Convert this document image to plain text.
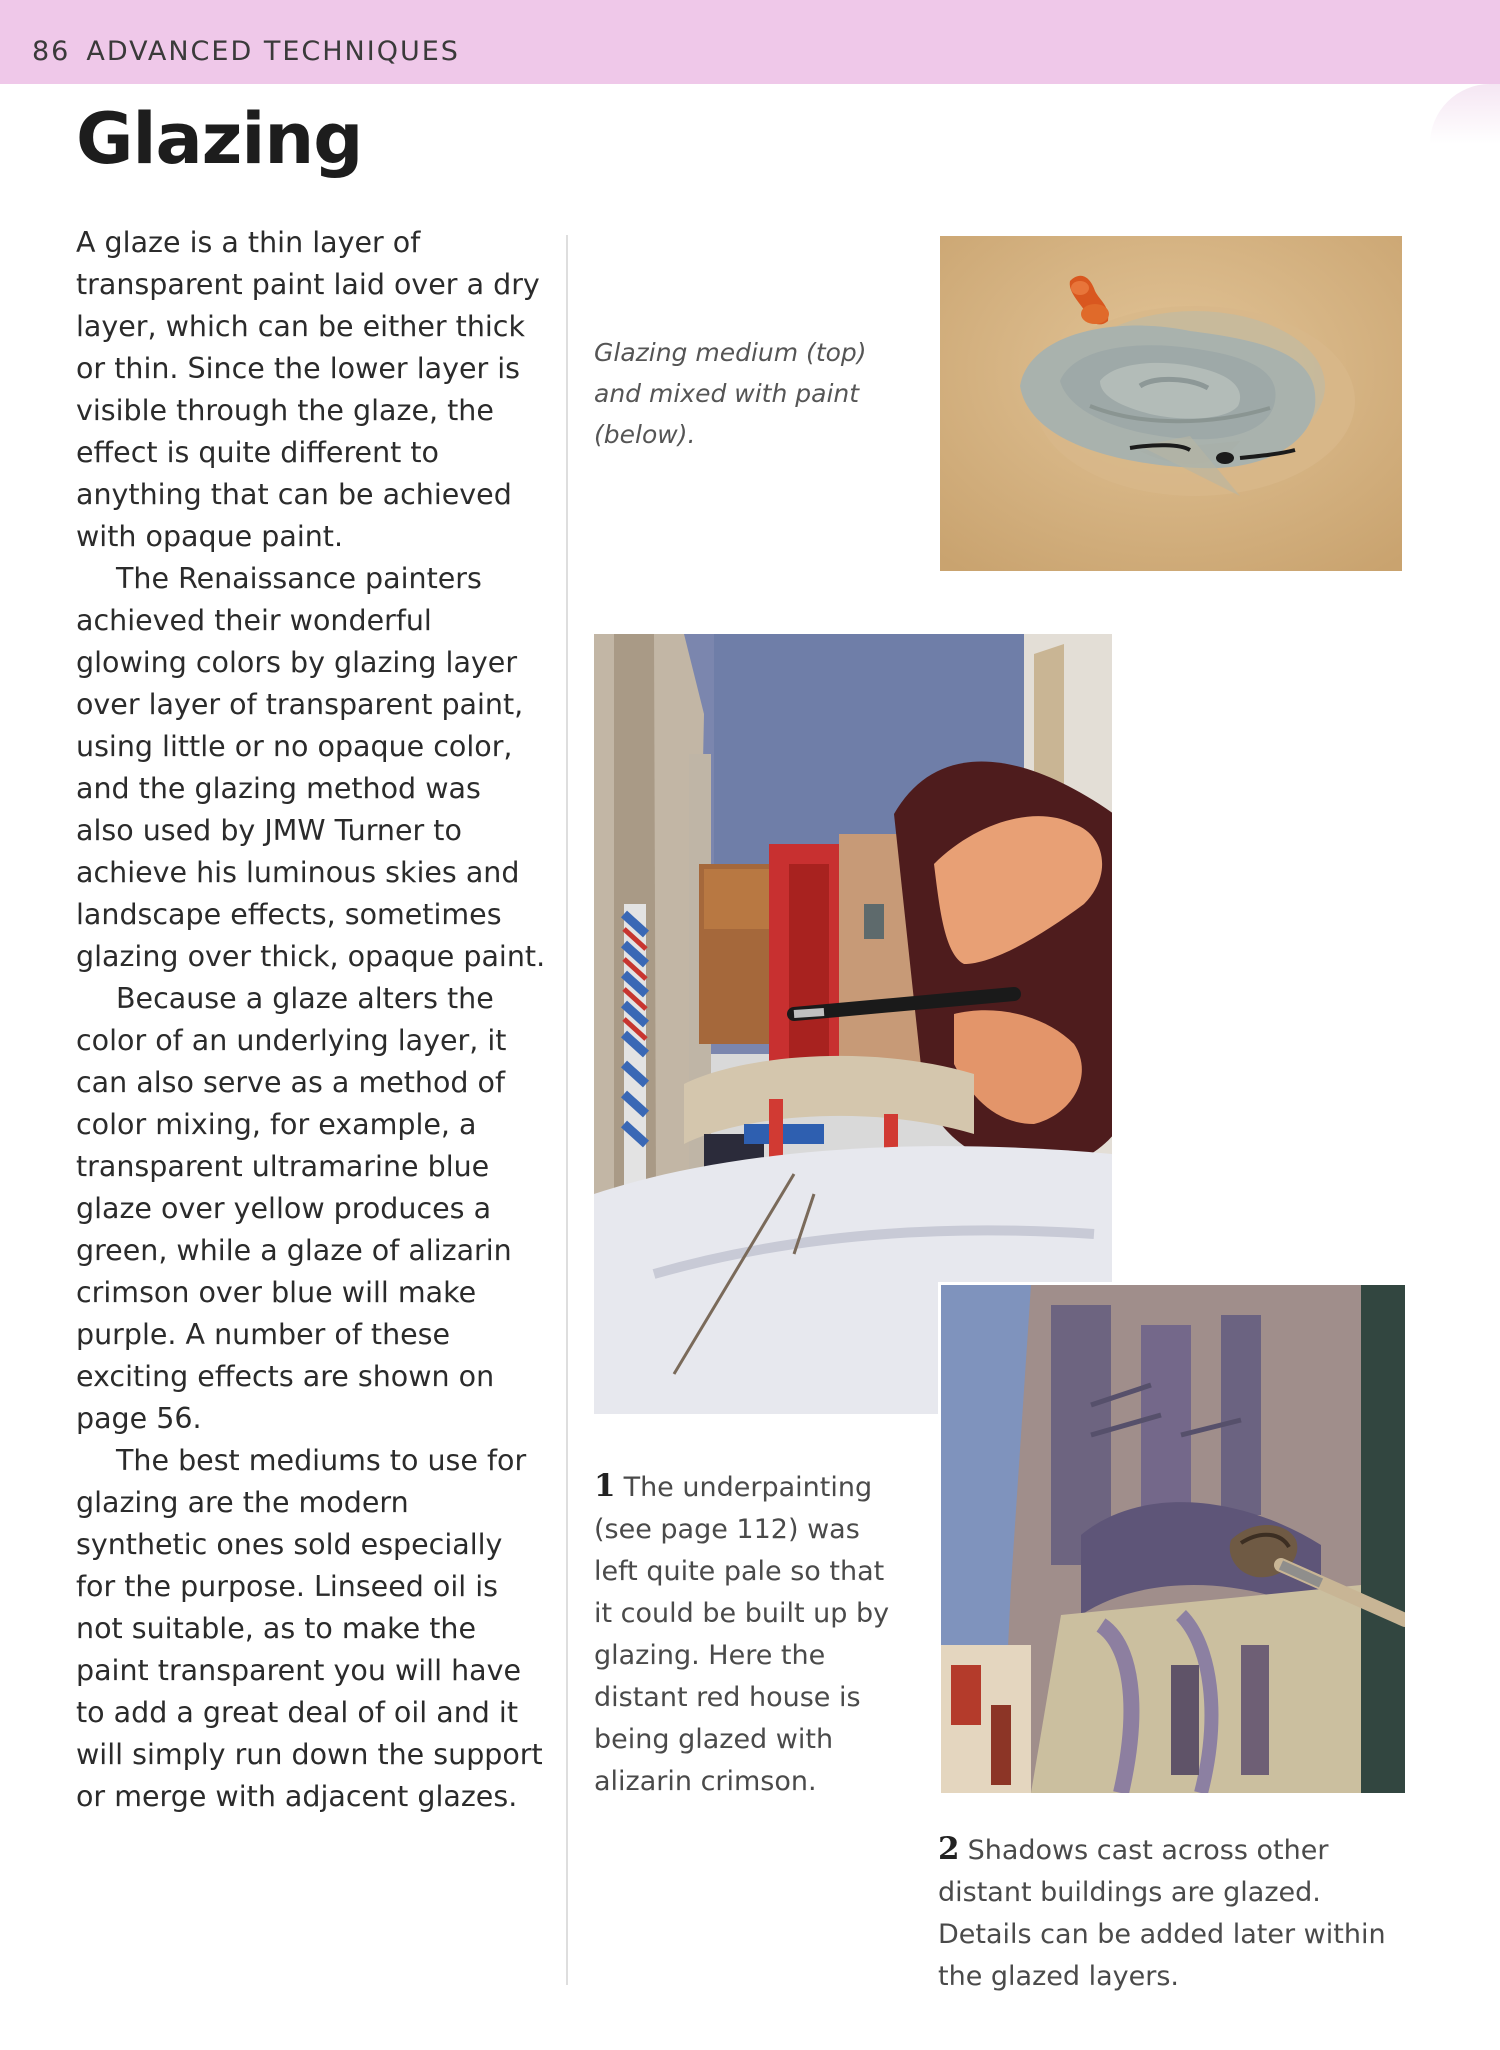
86 ADVANCED TECHNIQUES
Glazing

A glaze is a thin layer of transparent paint laid over a dry layer, which can be either thick or thin. Since the lower layer is visible through the glaze, the effect is quite different to anything that can be achieved with opaque paint.

The Renaissance painters achieved their wonderful glowing colors by glazing layer over layer of transparent paint, using little or no opaque color, and the glazing method was also used by JMW Turner to achieve his luminous skies and landscape effects, sometimes glazing over thick, opaque paint.

Because a glaze alters the color of an underlying layer, it can also serve as a method of color mixing, for example, a transparent ultramarine blue glaze over yellow produces a green, while a glaze of alizarin crimson over blue will make purple. A number of these exciting effects are shown on page 56.

The best mediums to use for glazing are the modern synthetic ones sold especially for the purpose. Linseed oil is not suitable, as to make the paint transparent you will have to add a great deal of oil and it will simply run down the support or merge with adjacent glazes.

Glazing medium (top) and mixed with paint (below).
1 The underpainting (see page 112) was left quite pale so that it could be built up by glazing. Here the distant red house is being glazed with alizarin crimson.
2 Shadows cast across other distant buildings are glazed. Details can be added later within the glazed layers.
